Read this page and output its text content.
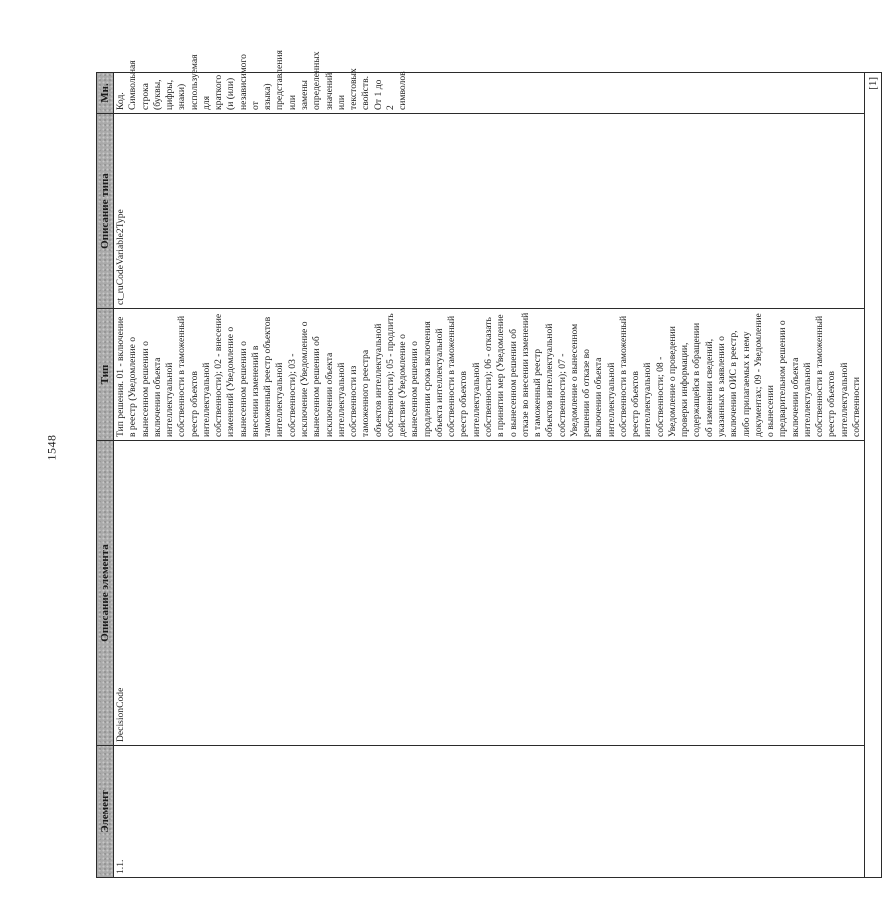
1548
Элемент	Описание элемента	Тип	Описание типа	Мн.
1.1.	DecisionCode	Тип решения. 01 - включение в реестр (Уведомление о вынесенном решении о включении объекта интеллектуальной собственности в таможенный реестр объектов интеллектуальной собственности); 02 - внесение изменений (Уведомление о вынесенном решении о внесении изменений в таможенный реестр объектов интеллектуальной собственности); 03 - исключение (Уведомление о вынесенном решении об исключении объекта интеллектуальной собственности из таможенного реестра объектов интеллектуальной собственности); 05 - продлить действие (Уведомление о вынесенном решении о продлении срока включения объекта интеллектуальной собственности в таможенный реестр объектов интеллектуальной собственности); 06 - отказать в принятии мер (Уведомление о вынесенном решении об отказе во внесении изменений в таможенный реестр объектов интеллектуальной собственности); 07 - Уведомление о вынесенном решении об отказе во включении объекта интеллектуальной собственности в таможенный реестр объектов интеллектуальной собственности; 08 - Уведомление о проведении проверки информации, содержащейся в обращении об изменении сведений, указанных в заявлении о включении ОИС в реестр, либо прилагаемых к нему документах; 09 - Уведомление о вынесении предварительном решении о включении объекта интеллектуальной собственности в таможенный реестр объектов интеллектуальной собственности	ct_ruCodeVariable2Type	Код. Символьная строка (буквы, цифры, знаки) используемая для краткого (и (или) независимого от языка) представления или замены определенных значений или текстовых свойств. От 1 до 2 символов
[1]				
